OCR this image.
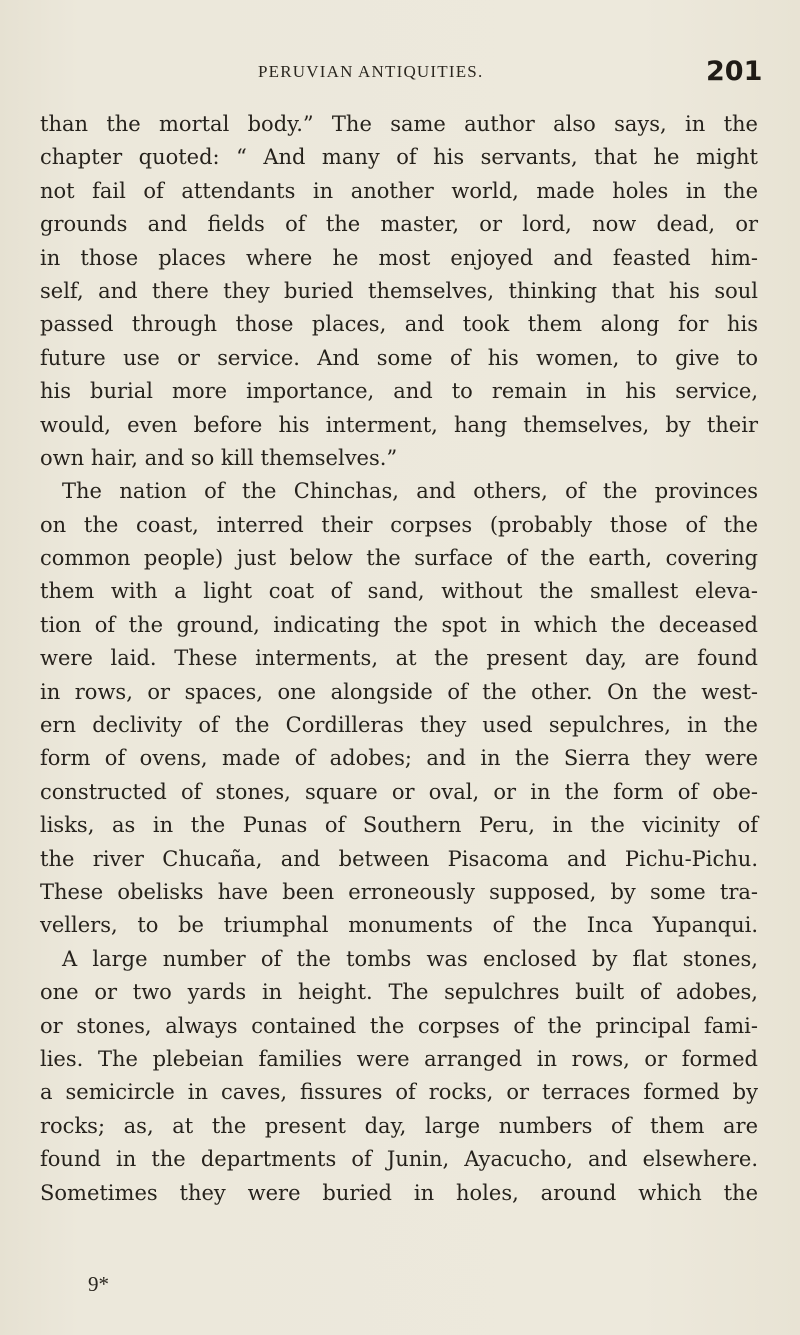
PERUVIAN ANTIQUITIES.	201
than the mortal body.” The same author also says, in the
chapter quoted: “ And many of his servants, that he might
not fail of attendants in another world, made holes in the
grounds and fields of the master, or lord, now dead, or
in those places where he most enjoyed and feasted him-
self, and there they buried themselves, thinking that his soul
passed through those places, and took them along for his
future use or service. And some of his women, to give to
his burial more importance, and to remain in his service,
would, even before his interment, hang themselves, by their
own hair, and so kill themselves.”
The nation of the Chinchas, and others, of the provinces
on the coast, interred their corpses (probably those of the
common people) just below the surface of the earth, covering
them with a light coat of sand, without the smallest eleva-
tion of the ground, indicating the spot in which the deceased
were laid. These interments, at the present day, are found
in rows, or spaces, one alongside of the other. On the west-
ern declivity of the Cordilleras they used sepulchres, in the
form of ovens, made of adobes; and in the Sierra they were
constructed of stones, square or oval, or in the form of obe-
lisks, as in the Punas of Southern Peru, in the vicinity of
the river Chucaña, and between Pisacoma and Pichu-Pichu.
These obelisks have been erroneously supposed, by some tra-
vellers, to be triumphal monuments of the Inca Yupanqui.
A large number of the tombs was enclosed by flat stones,
one or two yards in height. The sepulchres built of adobes,
or stones, always contained the corpses of the principal fami-
lies. The plebeian families were arranged in rows, or formed
a semicircle in caves, fissures of rocks, or terraces formed by
rocks; as, at the present day, large numbers of them are
found in the departments of Junin, Ayacucho, and elsewhere.
Sometimes they were buried in holes, around which the
9*
